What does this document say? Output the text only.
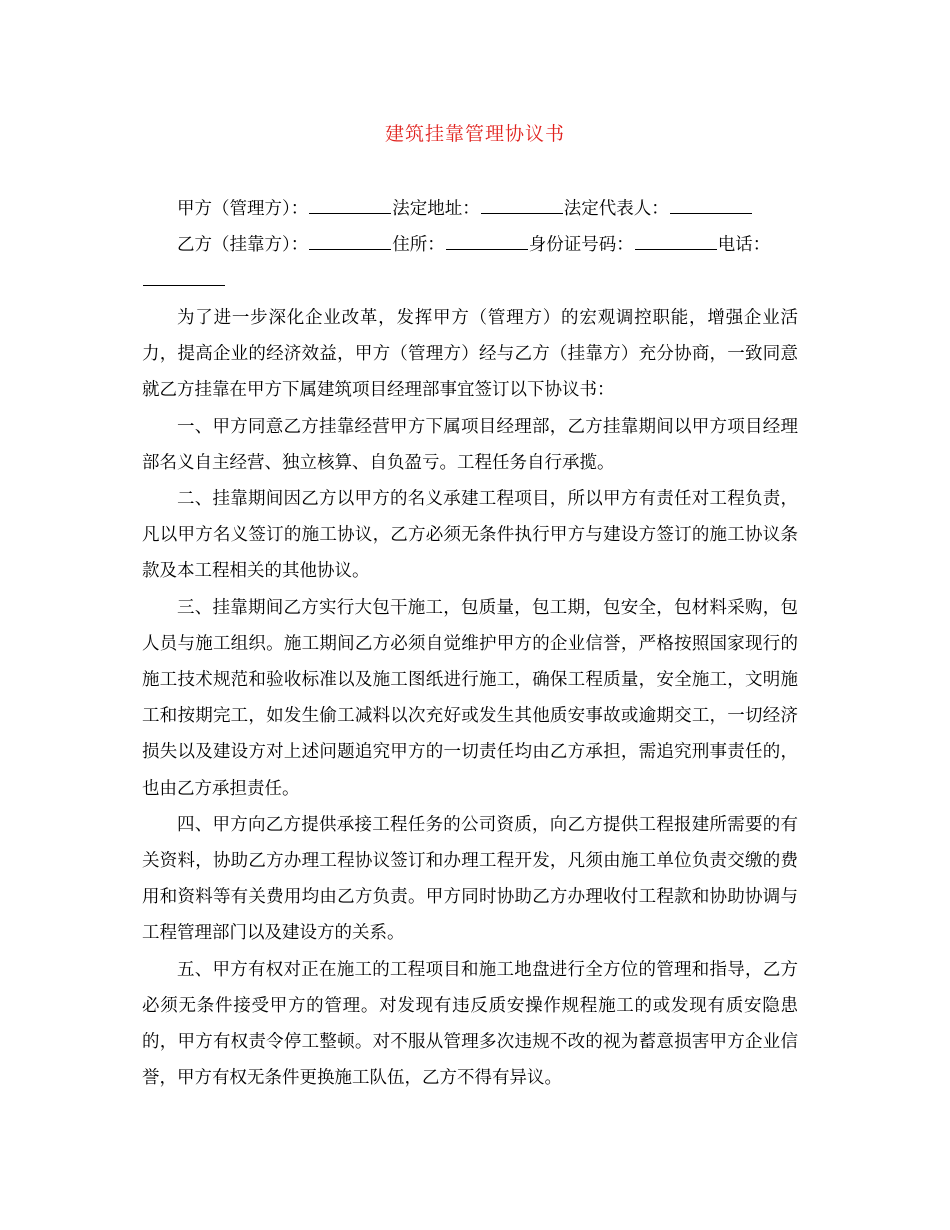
建筑挂靠管理协议书
甲方（管理方）：	法定地址：	法定代表人：
乙方（挂靠方）：	住所：	身份证号码：	电话：

为了进一步深化企业改革，发挥甲方（管理方）的宏观调控职能，增强企业活力，提高企业的经济效益，甲方（管理方）经与乙方（挂靠方）充分协商，一致同意就乙方挂靠在甲方下属建筑项目经理部事宜签订以下协议书：

一、甲方同意乙方挂靠经营甲方下属项目经理部，乙方挂靠期间以甲方项目经理部名义自主经营、独立核算、自负盈亏。工程任务自行承揽。

二、挂靠期间因乙方以甲方的名义承建工程项目，所以甲方有责任对工程负责，凡以甲方名义签订的施工协议，乙方必须无条件执行甲方与建设方签订的施工协议条款及本工程相关的其他协议。

三、挂靠期间乙方实行大包干施工，包质量，包工期，包安全，包材料采购，包人员与施工组织。施工期间乙方必须自觉维护甲方的企业信誉，严格按照国家现行的施工技术规范和验收标准以及施工图纸进行施工，确保工程质量，安全施工，文明施工和按期完工，如发生偷工减料以次充好或发生其他质安事故或逾期交工，一切经济损失以及建设方对上述问题追究甲方的一切责任均由乙方承担，需追究刑事责任的，也由乙方承担责任。

四、甲方向乙方提供承接工程任务的公司资质，向乙方提供工程报建所需要的有关资料，协助乙方办理工程协议签订和办理工程开发，凡须由施工单位负责交缴的费用和资料等有关费用均由乙方负责。甲方同时协助乙方办理收付工程款和协助协调与工程管理部门以及建设方的关系。

五、甲方有权对正在施工的工程项目和施工地盘进行全方位的管理和指导，乙方必须无条件接受甲方的管理。对发现有违反质安操作规程施工的或发现有质安隐患的，甲方有权责令停工整顿。对不服从管理多次违规不改的视为蓄意损害甲方企业信誉，甲方有权无条件更换施工队伍，乙方不得有异议。
